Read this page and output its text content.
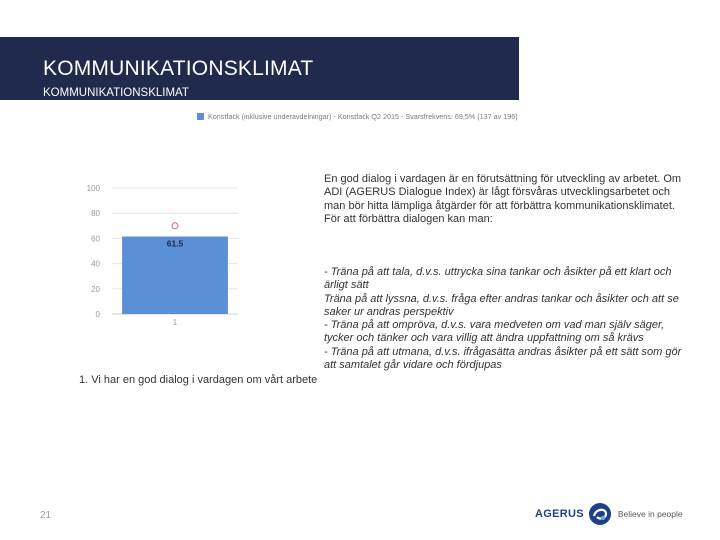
KOMMUNIKATIONSKLIMAT
KOMMUNIKATIONSKLIMAT
Konstfack (inklusive underavdelningar) - Konstfack Q2 2015 - Svarsfrekvens: 69,5% (137 av 196)
0
20
40
60
80
100
61.5
1
1. Vi har en god dialog i vardagen om vårt arbete
En god dialog i vardagen är en förutsättning för utveckling av arbetet. Om ADI (AGERUS Dialogue Index) är lågt försvåras utvecklingsarbetet och man bör hitta lämpliga åtgärder för att förbättra kommunikationsklimatet. För att förbättra dialogen kan man:
- Träna på att tala, d.v.s. uttrycka sina tankar och åsikter på ett klart och ärligt sätt
Träna på att lyssna, d.v.s. fråga efter andras tankar och åsikter och att se saker ur andras perspektiv
- Träna på att ompröva, d.v.s. vara medveten om vad man själv säger, tycker och tänker och vara villig att ändra uppfattning om så krävs
- Träna på att utmana, d.v.s. ifrågasätta andras åsikter på ett sätt som gör att samtalet går vidare och fördjupas
21	AGERUS	Believe in people
